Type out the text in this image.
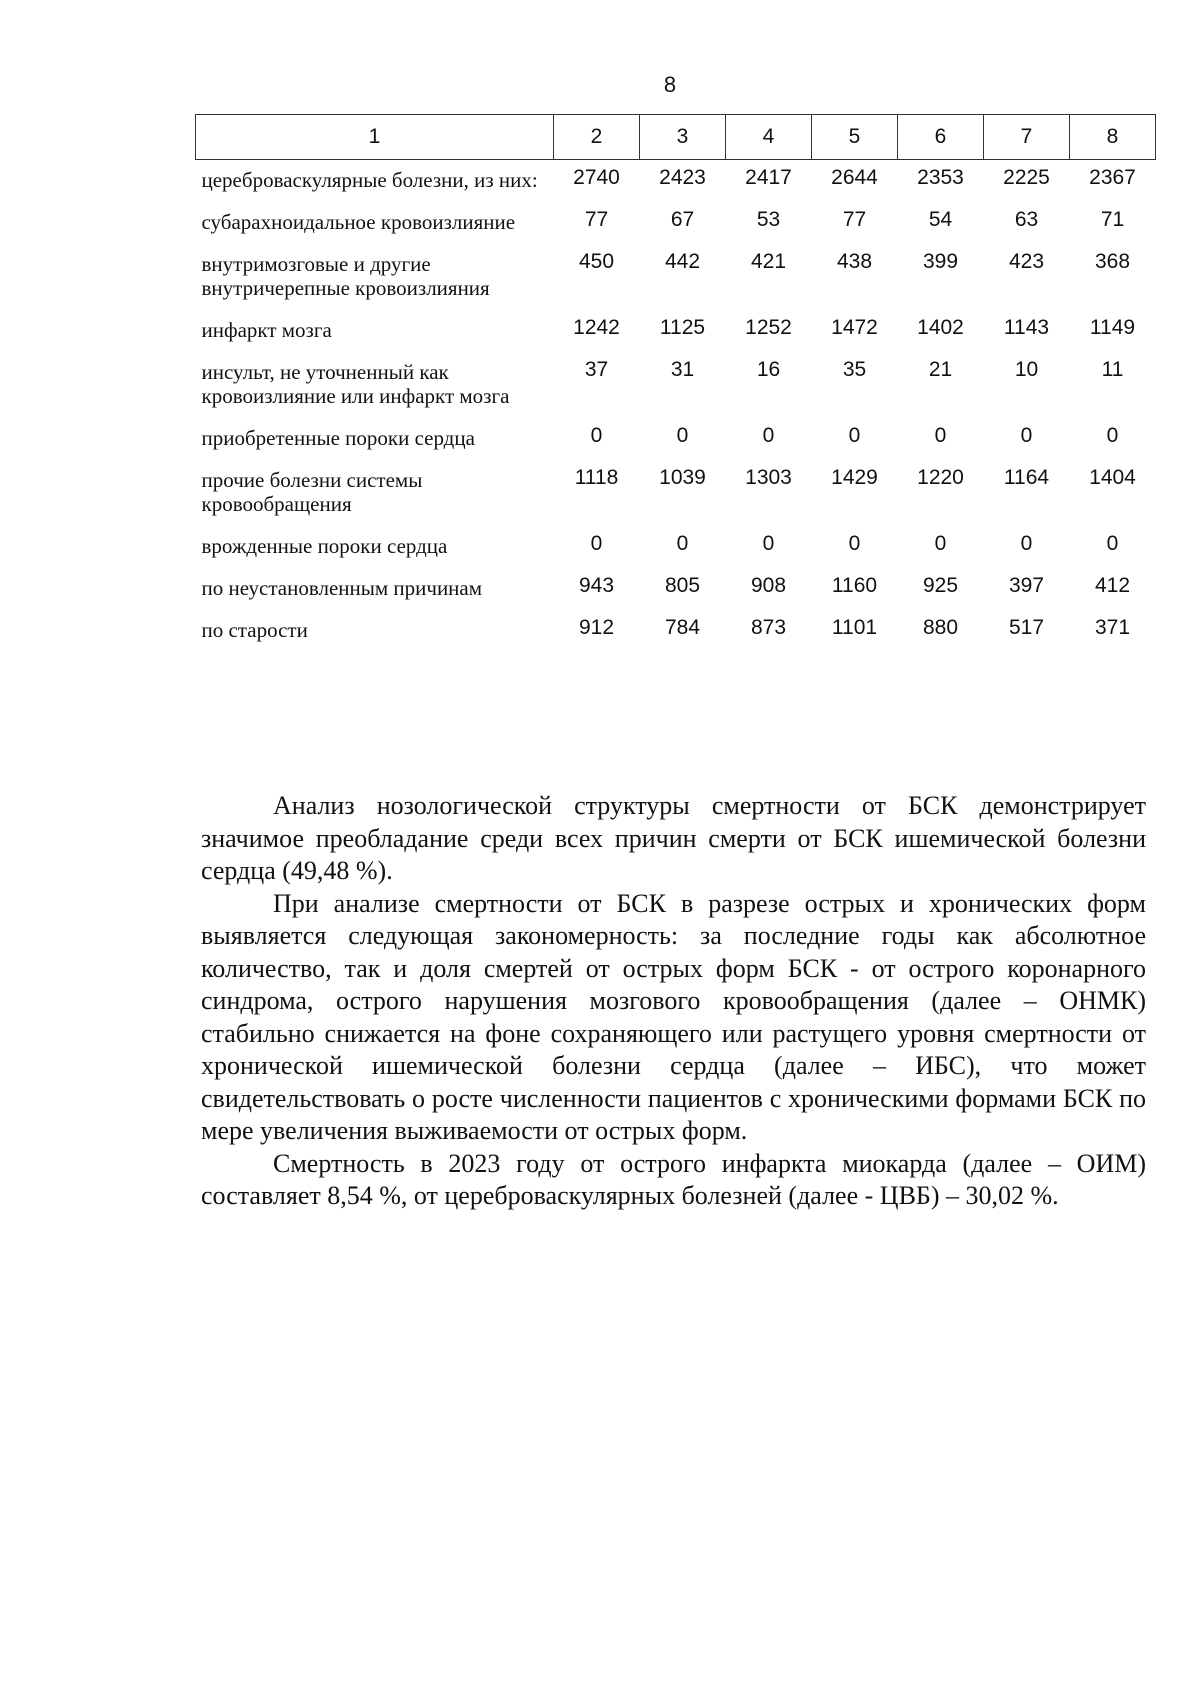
8
1	2	3	4	5	6	7	8
цереброваскулярные болезни, из них:	2740	2423	2417	2644	2353	2225	2367
субарахноидальное кровоизлияние	77	67	53	77	54	63	71
внутримозговые и другие внутричерепные кровоизлияния	450	442	421	438	399	423	368
инфаркт мозга	1242	1125	1252	1472	1402	1143	1149
инсульт, не уточненный как кровоизлияние или инфаркт мозга	37	31	16	35	21	10	11
приобретенные пороки сердца	0	0	0	0	0	0	0
прочие болезни системы кровообращения	1118	1039	1303	1429	1220	1164	1404
врожденные пороки сердца	0	0	0	0	0	0	0
по неустановленным причинам	943	805	908	1160	925	397	412
по старости	912	784	873	1101	880	517	371

Анализ нозологической структуры смертности от БСК демонстрирует значимое преобладание среди всех причин смерти от БСК ишемической болезни сердца (49,48 %).

При анализе смертности от БСК в разрезе острых и хронических форм выявляется следующая закономерность: за последние годы как абсолютное количество, так и доля смертей от острых форм БСК - от острого коронарного синдрома, острого нарушения мозгового кровообращения (далее – ОНМК) стабильно снижается на фоне сохраняющего или растущего уровня смертности от хронической ишемической болезни сердца (далее – ИБС), что может свидетельствовать о росте численности пациентов с хроническими формами БСК по мере увеличения выживаемости от острых форм.

Смертность в 2023 году от острого инфаркта миокарда (далее – ОИМ) составляет 8,54 %, от цереброваскулярных болезней (далее - ЦВБ) – 30,02 %.
